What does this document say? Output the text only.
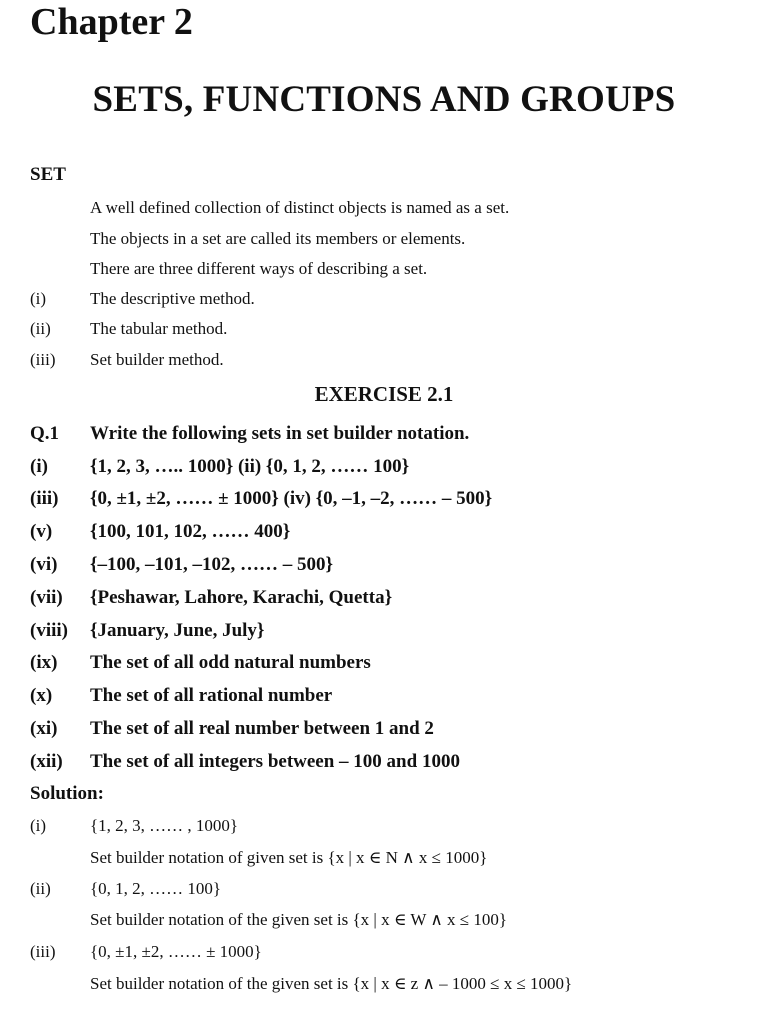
Chapter 2
SETS, FUNCTIONS AND GROUPS
SET
A well defined collection of distinct objects is named as a set.
The objects in a set are called its members or elements.
There are three different ways of describing a set.
(i)	The descriptive method.
(ii) The tabular method.
(iii) Set builder method.
EXERCISE 2.1
Q.1 Write the following sets in set builder notation.
(i) {1, 2, 3, ….. 1000} (ii) {0, 1, 2, …… 100}
(iii) {0, ±1, ±2, …… ± 1000} (iv) {0, –1, –2, …… – 500}
(v) {100, 101, 102, …… 400}
(vi) {–100, –101, –102, …… – 500}
(vii) {Peshawar, Lahore, Karachi, Quetta}
(viii) {January, June, July}
(ix) The set of all odd natural numbers
(x) The set of all rational number
(xi) The set of all real number between 1 and 2
(xii) The set of all integers between – 100 and 1000
Solution:
(i)	{1, 2, 3, …… , 1000}
Set builder notation of given set is {x | x ∈ N ∧ x ≤ 1000}
(ii) {0, 1, 2, …… 100}
Set builder notation of the given set is {x | x ∈ W ∧ x ≤ 100}
(iii) {0, ±1, ±2, …… ± 1000}
Set builder notation of the given set is {x | x ∈ z ∧ – 1000 ≤ x ≤ 1000}
